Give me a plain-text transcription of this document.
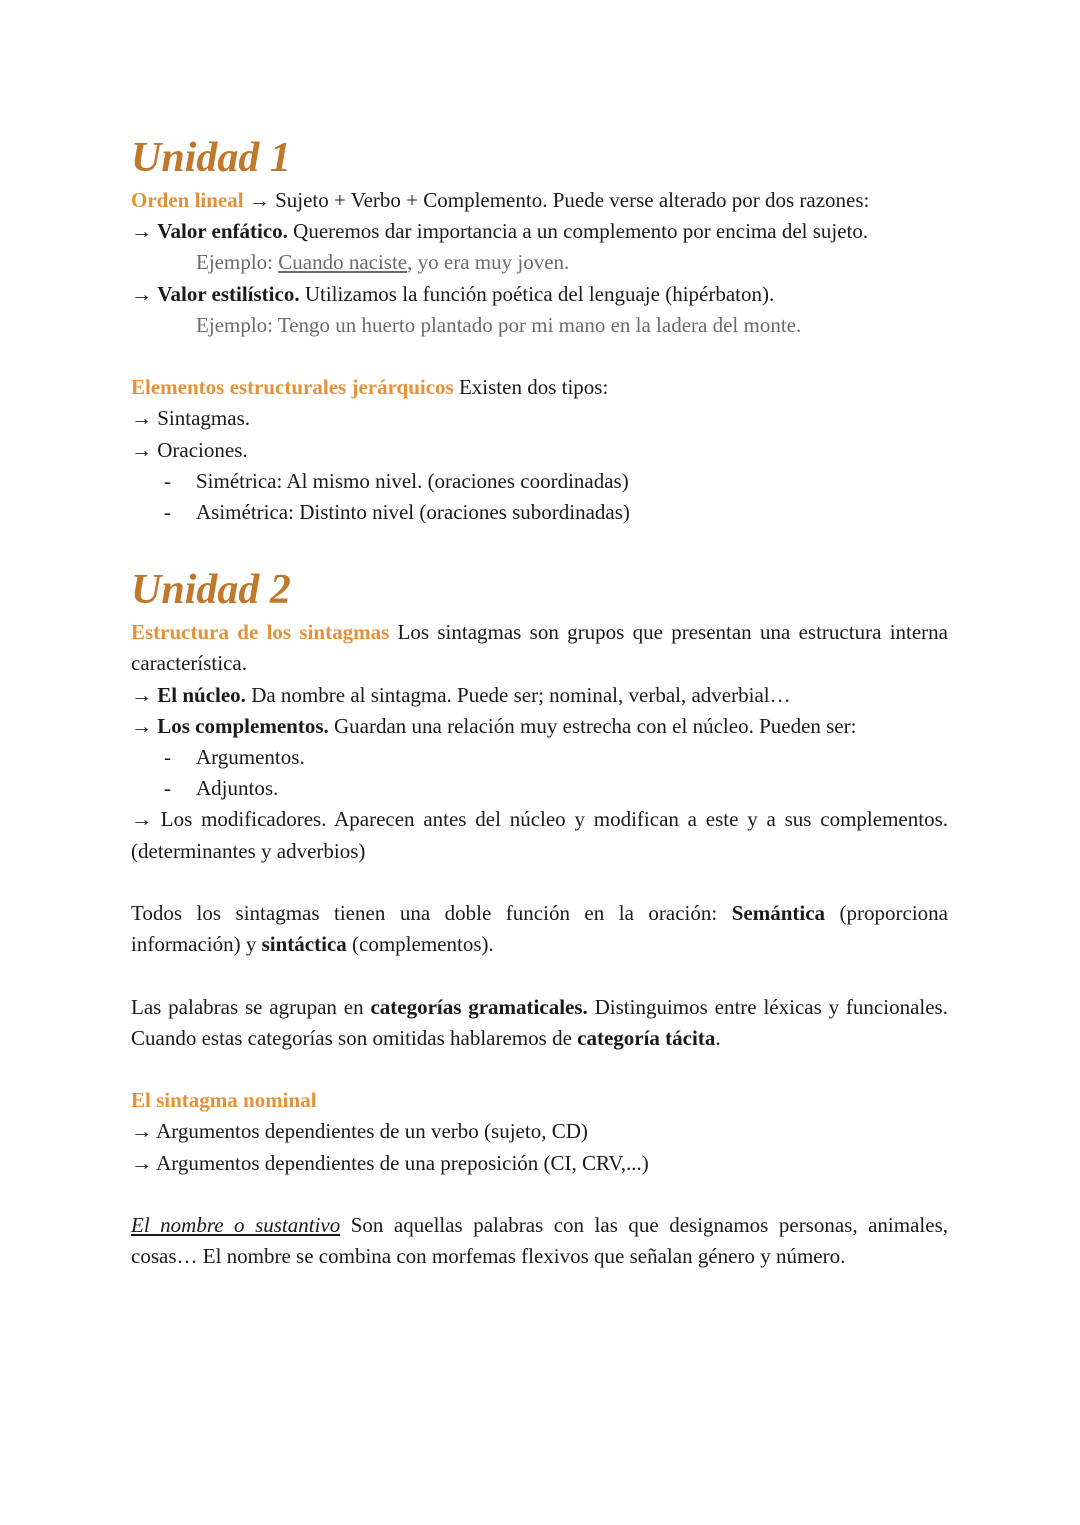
Unidad 1

Orden lineal → Sujeto + Verbo + Complemento. Puede verse alterado por dos razones:

→ Valor enfático. Queremos dar importancia a un complemento por encima del sujeto.

Ejemplo: Cuando naciste, yo era muy joven.

→ Valor estilístico. Utilizamos la función poética del lenguaje (hipérbaton).

Ejemplo: Tengo un huerto plantado por mi mano en la ladera del monte.

Elementos estructurales jerárquicos Existen dos tipos:

→ Sintagmas.

→ Oraciones.

-	Simétrica: Al mismo nivel. (oraciones coordinadas)
-	Asimétrica: Distinto nivel (oraciones subordinadas)
Unidad 2

Estructura de los sintagmas Los sintagmas son grupos que presentan una estructura interna característica.

→ El núcleo. Da nombre al sintagma. Puede ser; nominal, verbal, adverbial…

→ Los complementos. Guardan una relación muy estrecha con el núcleo. Pueden ser:

-	Argumentos.
-	Adjuntos.

→ Los modificadores. Aparecen antes del núcleo y modifican a este y a sus complementos. (determinantes y adverbios)

Todos los sintagmas tienen una doble función en la oración: Semántica (proporciona información) y sintáctica (complementos).

Las palabras se agrupan en categorías gramaticales. Distinguimos entre léxicas y funcionales. Cuando estas categorías son omitidas hablaremos de categoría tácita.

El sintagma nominal

→ Argumentos dependientes de un verbo (sujeto, CD)

→ Argumentos dependientes de una preposición (CI, CRV,...)

El nombre o sustantivo Son aquellas palabras con las que designamos personas, animales, cosas… El nombre se combina con morfemas flexivos que señalan género y número.
